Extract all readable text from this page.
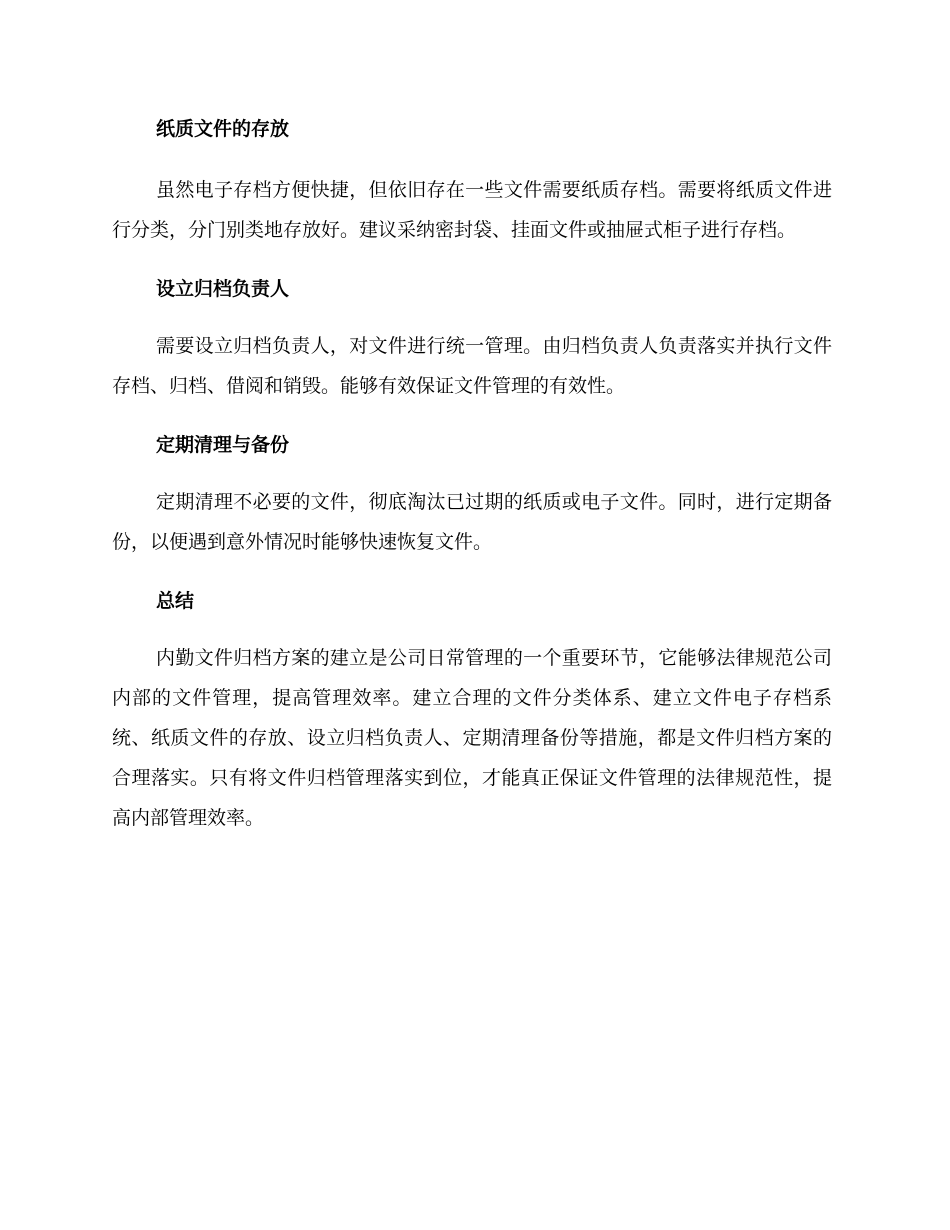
纸质文件的存放

虽然电子存档方便快捷，但依旧存在一些文件需要纸质存档。需要将纸质文件进行分类，分门别类地存放好。建议采纳密封袋、挂面文件或抽屉式柜子进行存档。

设立归档负责人

需要设立归档负责人，对文件进行统一管理。由归档负责人负责落实并执行文件存档、归档、借阅和销毁。能够有效保证文件管理的有效性。

定期清理与备份

定期清理不必要的文件，彻底淘汰已过期的纸质或电子文件。同时，进行定期备份，以便遇到意外情况时能够快速恢复文件。

总结

内勤文件归档方案的建立是公司日常管理的一个重要环节，它能够法律规范公司内部的文件管理，提高管理效率。建立合理的文件分类体系、建立文件电子存档系统、纸质文件的存放、设立归档负责人、定期清理备份等措施，都是文件归档方案的合理落实。只有将文件归档管理落实到位，才能真正保证文件管理的法律规范性，提高内部管理效率。
